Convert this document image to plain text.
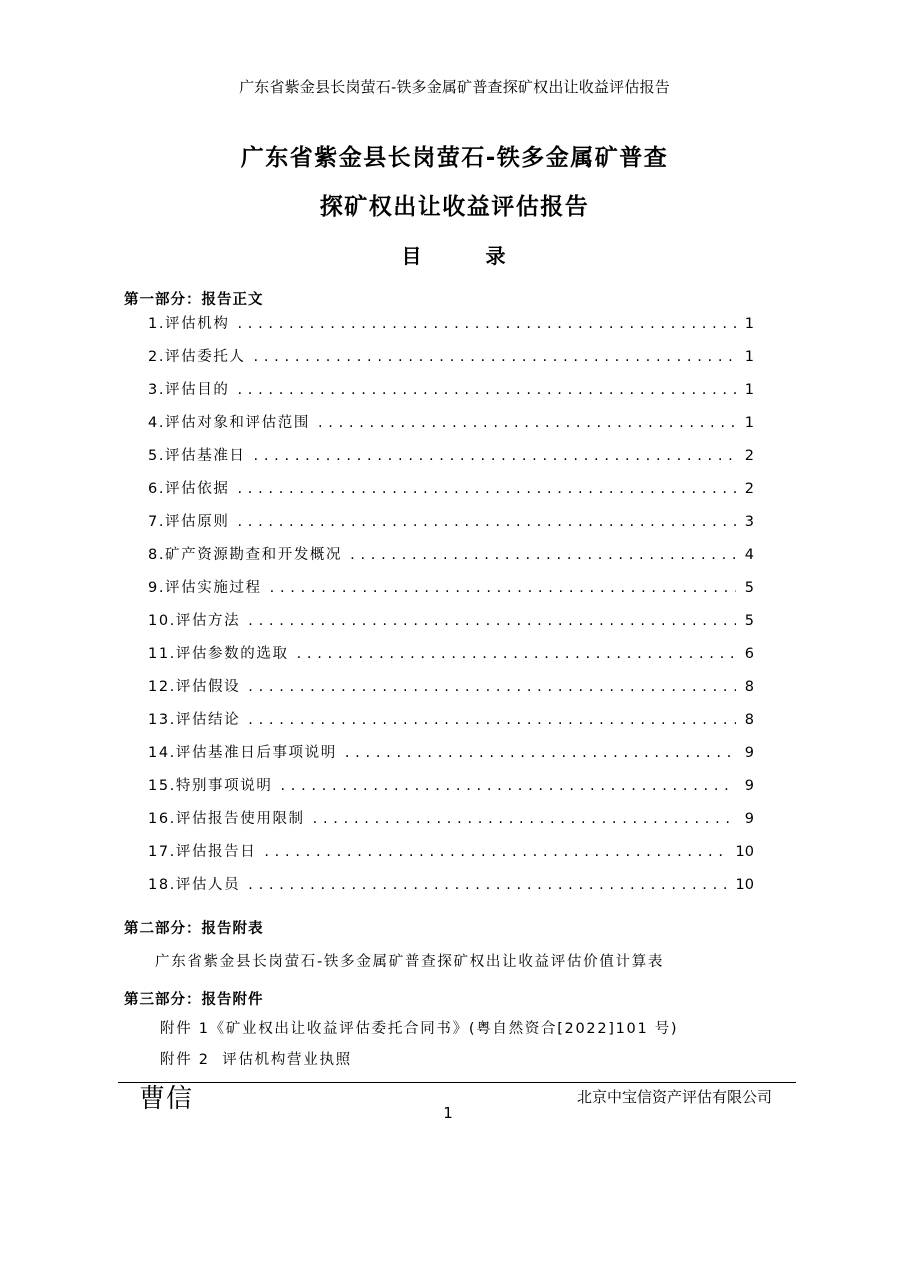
广东省紫金县长岗萤石-铁多金属矿普查探矿权出让收益评估报告
广东省紫金县长岗萤石-铁多金属矿普查
探矿权出让收益评估报告
目录
第一部分：报告正文
1.评估机构 . . .	1
2.评估委托人 . . .	1
3.评估目的 . . .	1
4.评估对象和评估范围 . . .	1
5.评估基准日 . . .	2
6.评估依据 . . .	2
7.评估原则 . . .	3
8.矿产资源勘查和开发概况 . . .	4
9.评估实施过程 . . .	5
10.评估方法 . . .	5
11.评估参数的选取 . . .	6
12.评估假设 . . .	8
13.评估结论 . . .	8
14.评估基准日后事项说明 . . .	9
15.特别事项说明 . . .	9
16.评估报告使用限制 . . .	9
17.评估报告日 . . .	10
18.评估人员 . . .	10
第二部分：报告附表
广东省紫金县长岗萤石-铁多金属矿普查探矿权出让收益评估价值计算表
第三部分：报告附件
附件 1《矿业权出让收益评估委托合同书》(粤自然资合[2022]101 号)
附件 2  评估机构营业执照
曹信	北京中宝信资产评估有限公司
1
